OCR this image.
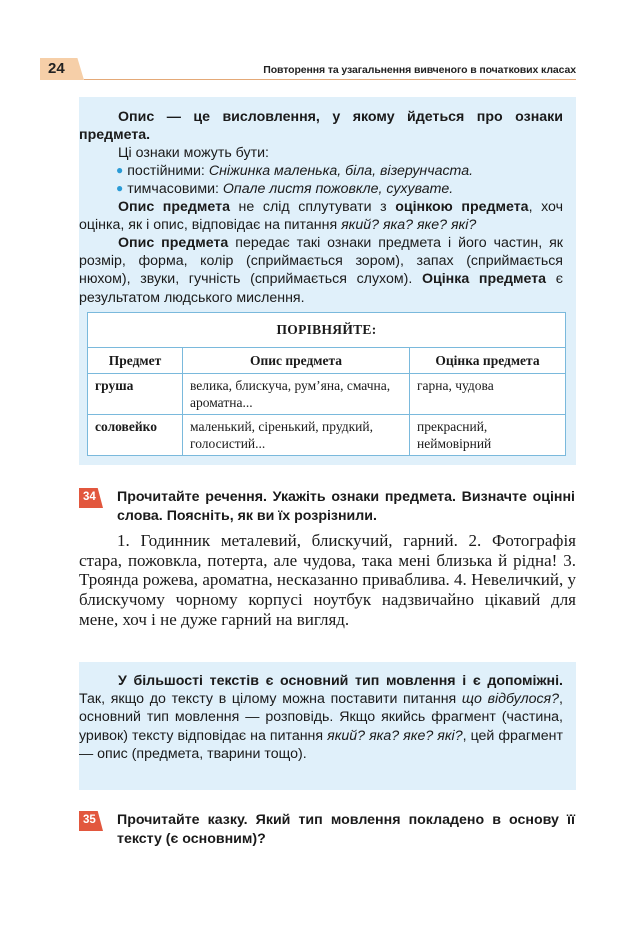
24	Повторення та узагальнення вивченого в початкових класах

Опис — це висловлення, у якому йдеться про ознаки предмета.

Ці ознаки можуть бути:

● постійними: Сніжинка маленька, біла, візерунчаста.

● тимчасовими: Опале листя пожовкле, сухувате.

Опис предмета не слід сплутувати з оцінкою предмета, хоч оцінка, як і опис, відповідає на питання який? яка? яке? які?

Опис предмета передає такі ознаки предмета і його частин, як розмір, форма, колір (сприймається зором), запах (сприймається нюхом), звуки, гучність (сприймається слухом). Оцінка предмета є результатом людського мислення.

ПОРІВНЯЙТЕ:		
Предмет	Опис предмета	Оцінка предмета
груша	велика, блискуча, рум’яна, смачна, ароматна...	гарна, чудова
соловейко	маленький, сіренький, прудкий, голосистий...	прекрасний, неймовірний
34 Прочитайте речення. Укажіть ознаки предмета. Визначте оцінні слова. Поясніть, як ви їх розрізнили.

1. Годинник металевий, блискучий, гарний. 2. Фотографія стара, пожовкла, потерта, але чудова, така мені близька й рідна! 3. Троянда рожева, ароматна, несказанно приваблива. 4. Невеличкий, у блискучому чорному корпусі ноутбук надзвичайно цікавий для мене, хоч і не дуже гарний на вигляд.

У більшості текстів є основний тип мовлення і є допоміжні. Так, якщо до тексту в цілому можна поставити питання що відбулося?, основний тип мовлення — розповідь. Якщо якийсь фрагмент (частина, уривок) тексту відповідає на питання який? яка? яке? які?, цей фрагмент — опис (предмета, тварини тощо).

35 Прочитайте казку. Який тип мовлення покладено в основу її тексту (є основним)?
